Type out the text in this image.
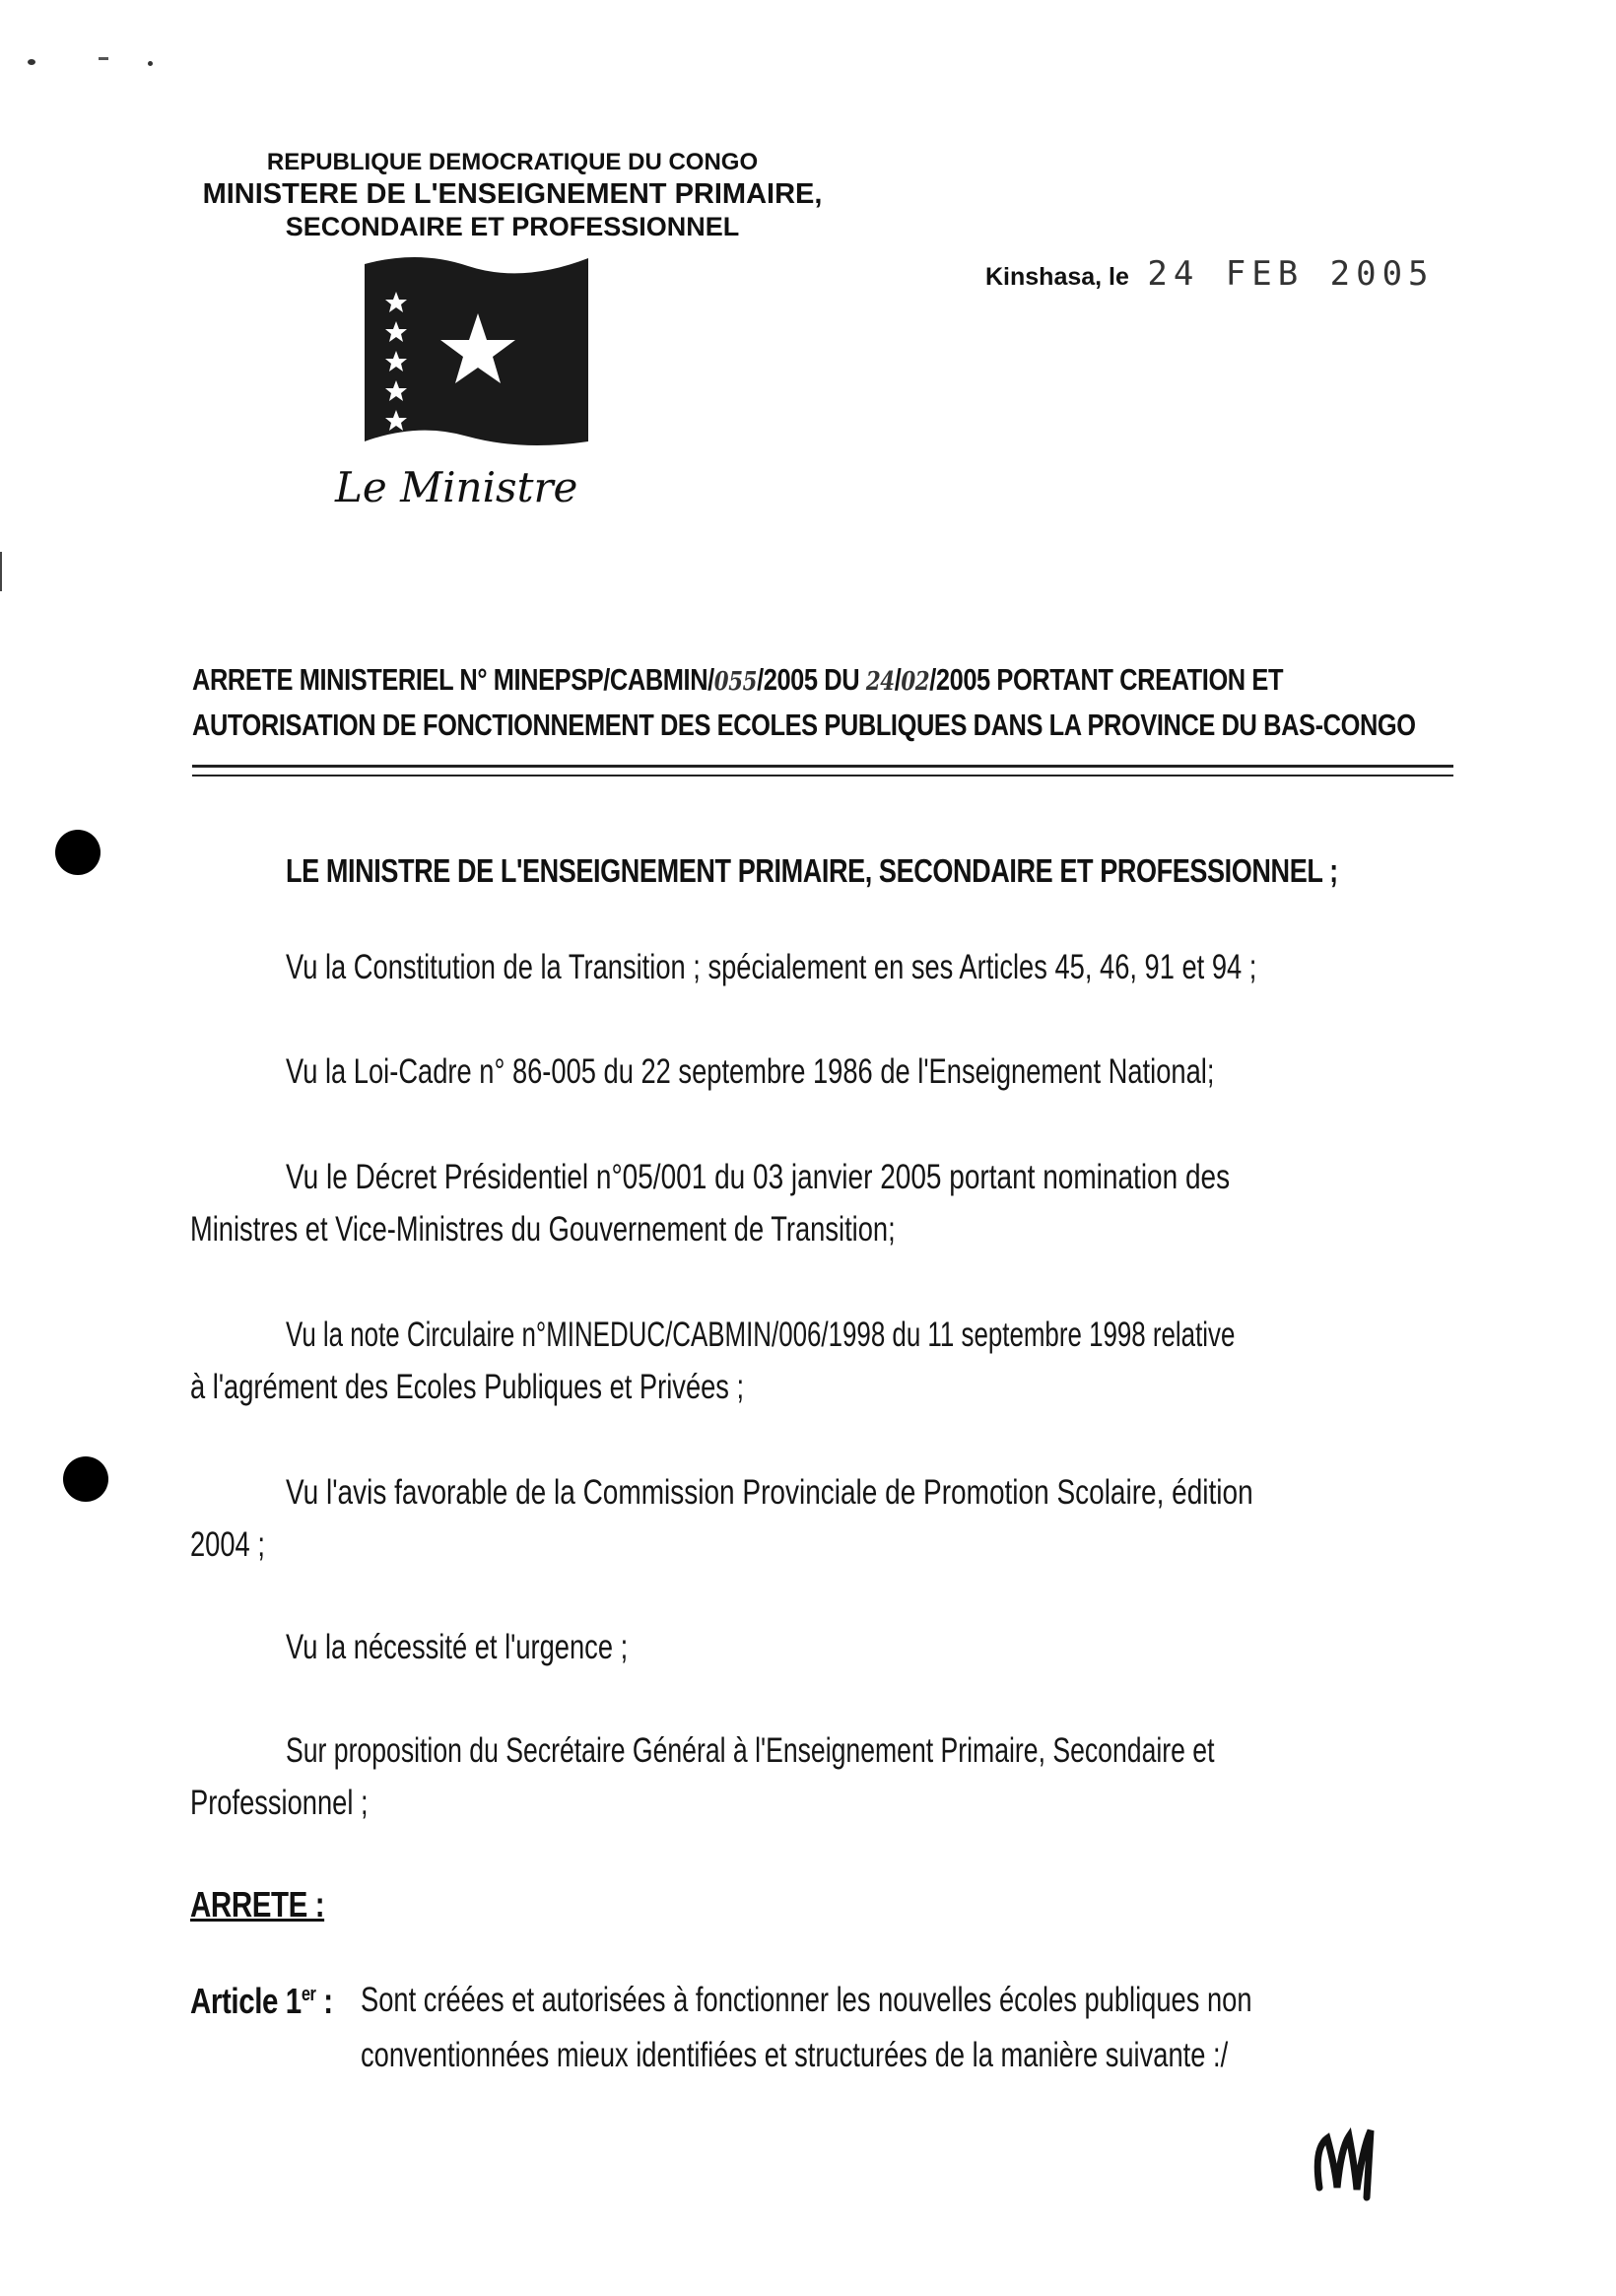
REPUBLIQUE DEMOCRATIQUE DU CONGO
MINISTERE DE L'ENSEIGNEMENT PRIMAIRE,
SECONDAIRE ET PROFESSIONNEL
Le Ministre
Kinshasa, le 24 FEB 2005
ARRETE MINISTERIEL N° MINEPSP/CABMIN/055/2005 DU 24/02/2005 PORTANT CREATION ET
AUTORISATION DE FONCTIONNEMENT DES ECOLES PUBLIQUES DANS LA PROVINCE DU BAS-CONGO
LE MINISTRE DE L'ENSEIGNEMENT PRIMAIRE, SECONDAIRE ET PROFESSIONNEL ;
Vu la Constitution de la Transition ; spécialement en ses Articles 45, 46, 91 et 94 ;
Vu la Loi-Cadre n° 86-005 du 22 septembre 1986 de l'Enseignement National;
Vu le Décret Présidentiel n°05/001 du 03 janvier 2005 portant nomination des
Ministres et Vice-Ministres du Gouvernement de Transition;
Vu la note Circulaire n°MINEDUC/CABMIN/006/1998 du 11 septembre 1998 relative
à l'agrément des Ecoles Publiques et Privées ;
Vu l'avis favorable de la Commission Provinciale de Promotion Scolaire, édition
2004 ;
Vu la nécessité et l'urgence ;
Sur proposition du Secrétaire Général à l'Enseignement Primaire, Secondaire et
Professionnel ;
ARRETE :
Article 1er : Sont créées et autorisées à fonctionner les nouvelles écoles publiques non
conventionnées mieux identifiées et structurées de la manière suivante :/
